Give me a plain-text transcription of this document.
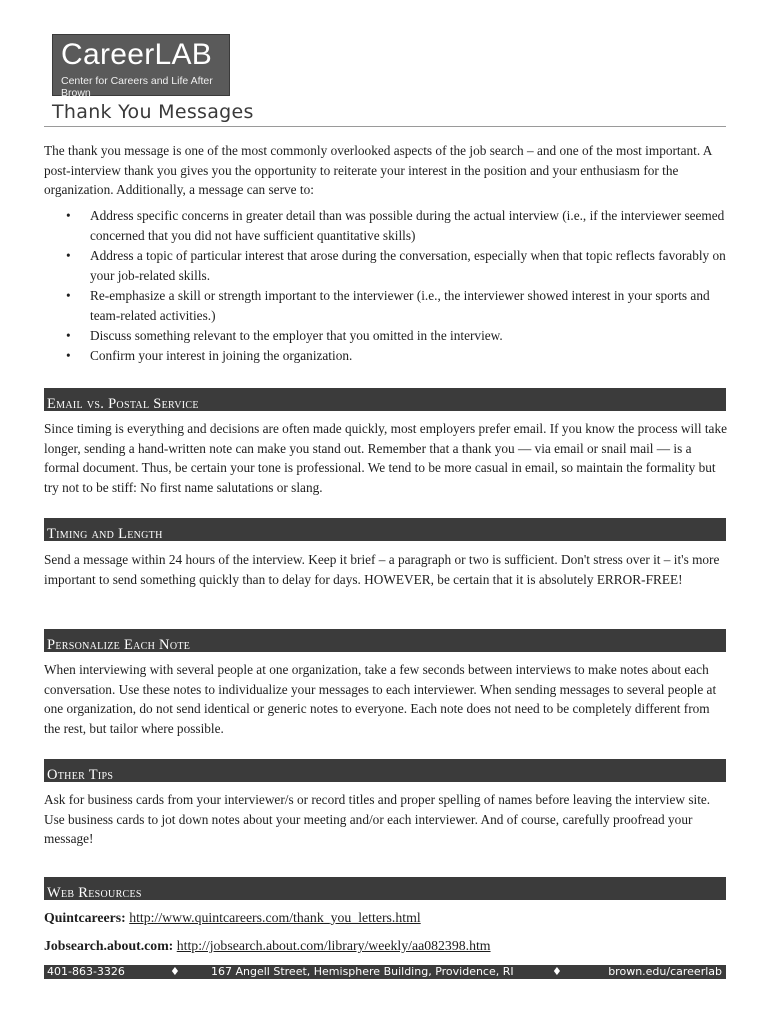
CareerLAB
Center for Careers and Life After Brown
Thank You Messages

The thank you message is one of the most commonly overlooked aspects of the job search – and one of the most important. A post-interview thank you gives you the opportunity to reiterate your interest in the position and your enthusiasm for the organization. Additionally, a message can serve to:

• Address specific concerns in greater detail than was possible during the actual interview (i.e., if the interviewer seemed concerned that you did not have sufficient quantitative skills)
• Address a topic of particular interest that arose during the conversation, especially when that topic reflects favorably on your job-related skills.
• Re-emphasize a skill or strength important to the interviewer (i.e., the interviewer showed interest in your sports and team-related activities.)
• Discuss something relevant to the employer that you omitted in the interview.
• Confirm your interest in joining the organization.
Email vs. Postal Service

Since timing is everything and decisions are often made quickly, most employers prefer email. If you know the process will take longer, sending a hand-written note can make you stand out. Remember that a thank you — via email or snail mail — is a formal document. Thus, be certain your tone is professional. We tend to be more casual in email, so maintain the formality but try not to be stiff: No first name salutations or slang.

Timing and Length

Send a message within 24 hours of the interview. Keep it brief – a paragraph or two is sufficient. Don't stress over it – it's more important to send something quickly than to delay for days. HOWEVER, be certain that it is absolutely ERROR-FREE!

Personalize Each Note

When interviewing with several people at one organization, take a few seconds between interviews to make notes about each conversation. Use these notes to individualize your messages to each interviewer. When sending messages to several people at one organization, do not send identical or generic notes to everyone. Each note does not need to be completely different from the rest, but tailor where possible.

Other Tips

Ask for business cards from your interviewer/s or record titles and proper spelling of names before leaving the interview site. Use business cards to jot down notes about your meeting and/or each interviewer. And of course, carefully proofread your message!

Web Resources

Quintcareers: http://www.quintcareers.com/thank_you_letters.html

Jobsearch.about.com: http://jobsearch.about.com/library/weekly/aa082398.htm

401-863-3326	♦	167 Angell Street, Hemisphere Building, Providence, RI	♦	brown.edu/careerlab
